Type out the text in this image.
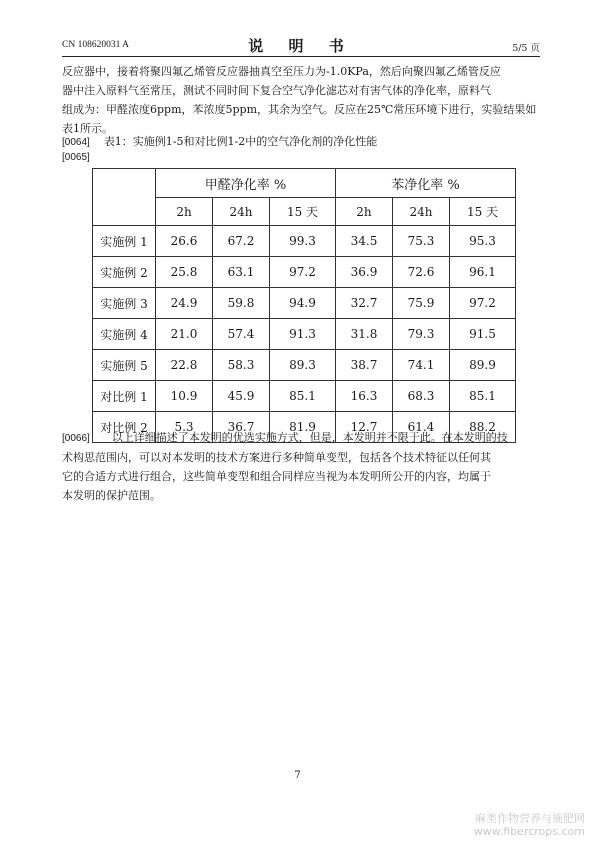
CN 108620031 A	说 明 书	5/5 页
反应器中，接着将聚四氟乙烯管反应器抽真空至压力为-1.0KPa，然后向聚四氟乙烯管反应
器中注入原料气至常压，测试不同时间下复合空气净化滤芯对有害气体的净化率，原料气
组成为：甲醛浓度6ppm，苯浓度5ppm，其余为空气。反应在25℃常压环境下进行，实验结果如
表1所示。
[0064] 表1：实施例1-5和对比例1-2中的空气净化剂的净化性能
[0065]
	甲醛净化率 %			苯净化率 %		
	2h	24h	15 天	2h	24h	15 天
实施例 1	26.6	67.2	99.3	34.5	75.3	95.3
实施例 2	25.8	63.1	97.2	36.9	72.6	96.1
实施例 3	24.9	59.8	94.9	32.7	75.9	97.2
实施例 4	21.0	57.4	91.3	31.8	79.3	91.5
实施例 5	22.8	58.3	89.3	38.7	74.1	89.9
对比例 1	10.9	45.9	85.1	16.3	68.3	85.1
对比例 2	5.3	36.7	81.9	12.7	61.4	88.2
[0066] 以上详细描述了本发明的优选实施方式，但是，本发明并不限于此。在本发明的技
术构思范围内，可以对本发明的技术方案进行多种简单变型，包括各个技术特征以任何其
它的合适方式进行组合，这些简单变型和组合同样应当视为本发明所公开的内容，均属于
本发明的保护范围。
7
麻类作物营养与施肥网
www.fibercrops.com
